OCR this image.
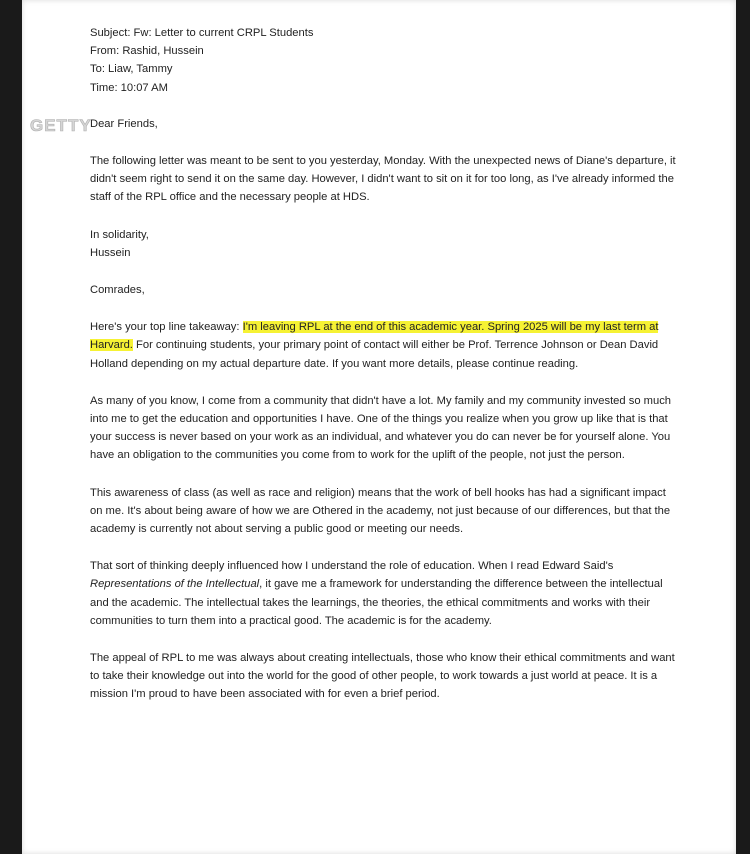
GETTY
Subject: Fw: Letter to current CRPL Students
From: Rashid, Hussein
To: Liaw, Tammy
Time: 10:07 AM

Dear Friends,

The following letter was meant to be sent to you yesterday, Monday. With the unexpected news of Diane's departure, it didn't seem right to send it on the same day. However, I didn't want to sit on it for too long, as I've already informed the staff of the RPL office and the necessary people at HDS.

In solidarity,
Hussein

Comrades,

Here's your top line takeaway: I'm leaving RPL at the end of this academic year. Spring 2025 will be my last term at Harvard. For continuing students, your primary point of contact will either be Prof. Terrence Johnson or Dean David Holland depending on my actual departure date. If you want more details, please continue reading.

As many of you know, I come from a community that didn't have a lot. My family and my community invested so much into me to get the education and opportunities I have. One of the things you realize when you grow up like that is that your success is never based on your work as an individual, and whatever you do can never be for yourself alone. You have an obligation to the communities you come from to work for the uplift of the people, not just the person.

This awareness of class (as well as race and religion) means that the work of bell hooks has had a significant impact on me. It's about being aware of how we are Othered in the academy, not just because of our differences, but that the academy is currently not about serving a public good or meeting our needs.

That sort of thinking deeply influenced how I understand the role of education. When I read Edward Said's Representations of the Intellectual, it gave me a framework for understanding the difference between the intellectual and the academic. The intellectual takes the learnings, the theories, the ethical commitments and works with their communities to turn them into a practical good. The academic is for the academy.

The appeal of RPL to me was always about creating intellectuals, those who know their ethical commitments and want to take their knowledge out into the world for the good of other people, to work towards a just world at peace. It is a mission I'm proud to have been associated with for even a brief period.
